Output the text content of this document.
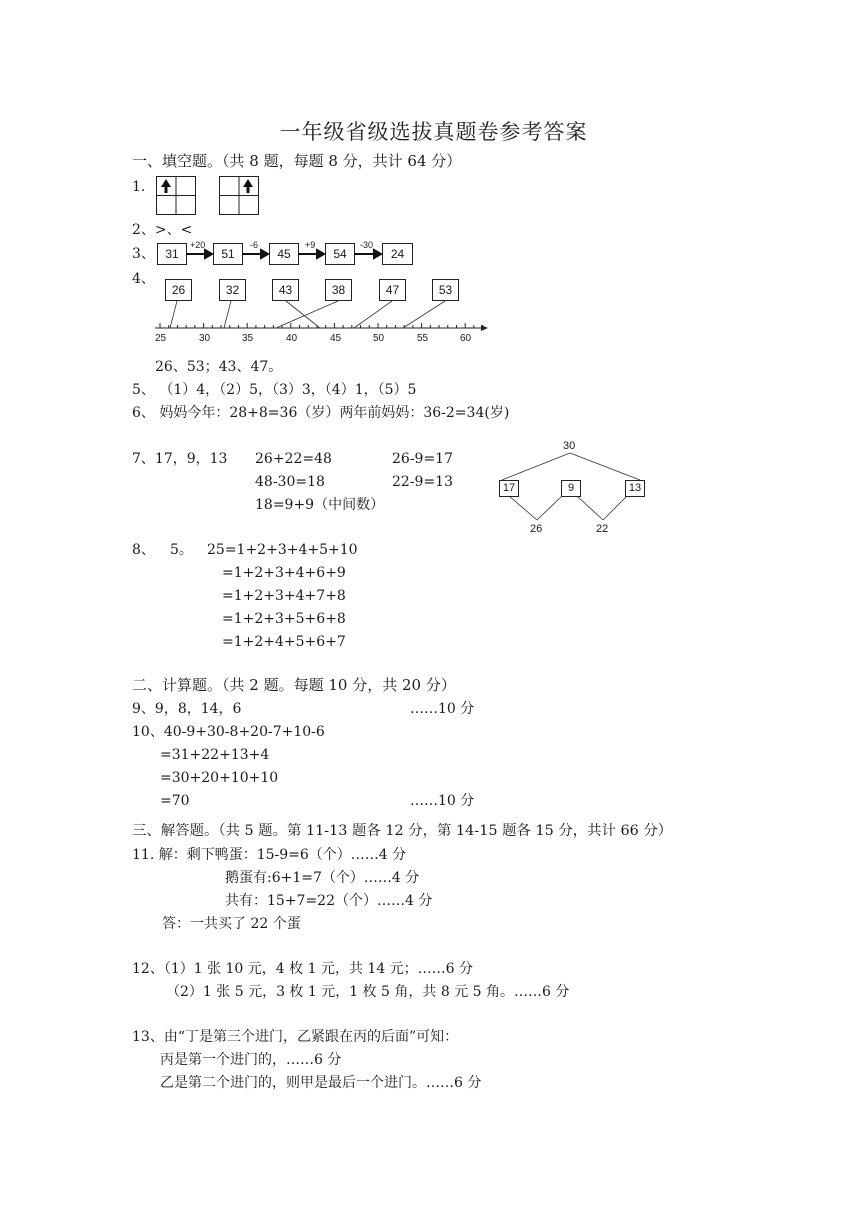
一年级省级选拔真题卷参考答案
一、填空题。（共 8 题，每题 8 分，共计 64 分）
1.
2、>、<
3、 31	51	45	54	24
+20	-6	+9	-30
4、
26	32	43	38	47	53
25	30	35	40	45	50	55	60
26、53；43、47。
5、 （1）4，（2）5，（3）3，（4）1，（5）5
6、 妈妈今年：28+8=36（岁）两年前妈妈：36-2=34(岁)
7、17，9，13 26+22=48	26-9=17
48-30=18	22-9=13
18=9+9（中间数）
30
17	9	13
26	22
8、 5。 25=1+2+3+4+5+10
=1+2+3+4+6+9
=1+2+3+4+7+8
=1+2+3+5+6+8
=1+2+4+5+6+7
二、计算题。（共 2 题。每题 10 分，共 20 分）
9、9，8，14，6	……10 分
10、40-9+30-8+20-7+10-6
=31+22+13+4
=30+20+10+10
=70	……10 分
三、解答题。（共 5 题。第 11-13 题各 12 分，第 14-15 题各 15 分，共计 66 分）
11. 解：剩下鸭蛋：15-9=6（个）……4 分
鹅蛋有:6+1=7（个）……4 分
共有：15+7=22（个）……4 分
答：一共买了 22 个蛋
12、（1）1 张 10 元，4 枚 1 元，共 14 元；……6 分
（2）1 张 5 元，3 枚 1 元，1 枚 5 角，共 8 元 5 角。……6 分
13、由“丁是第三个进门，乙紧跟在丙的后面”可知：
丙是第一个进门的，……6 分
乙是第二个进门的，则甲是最后一个进门。……6 分
